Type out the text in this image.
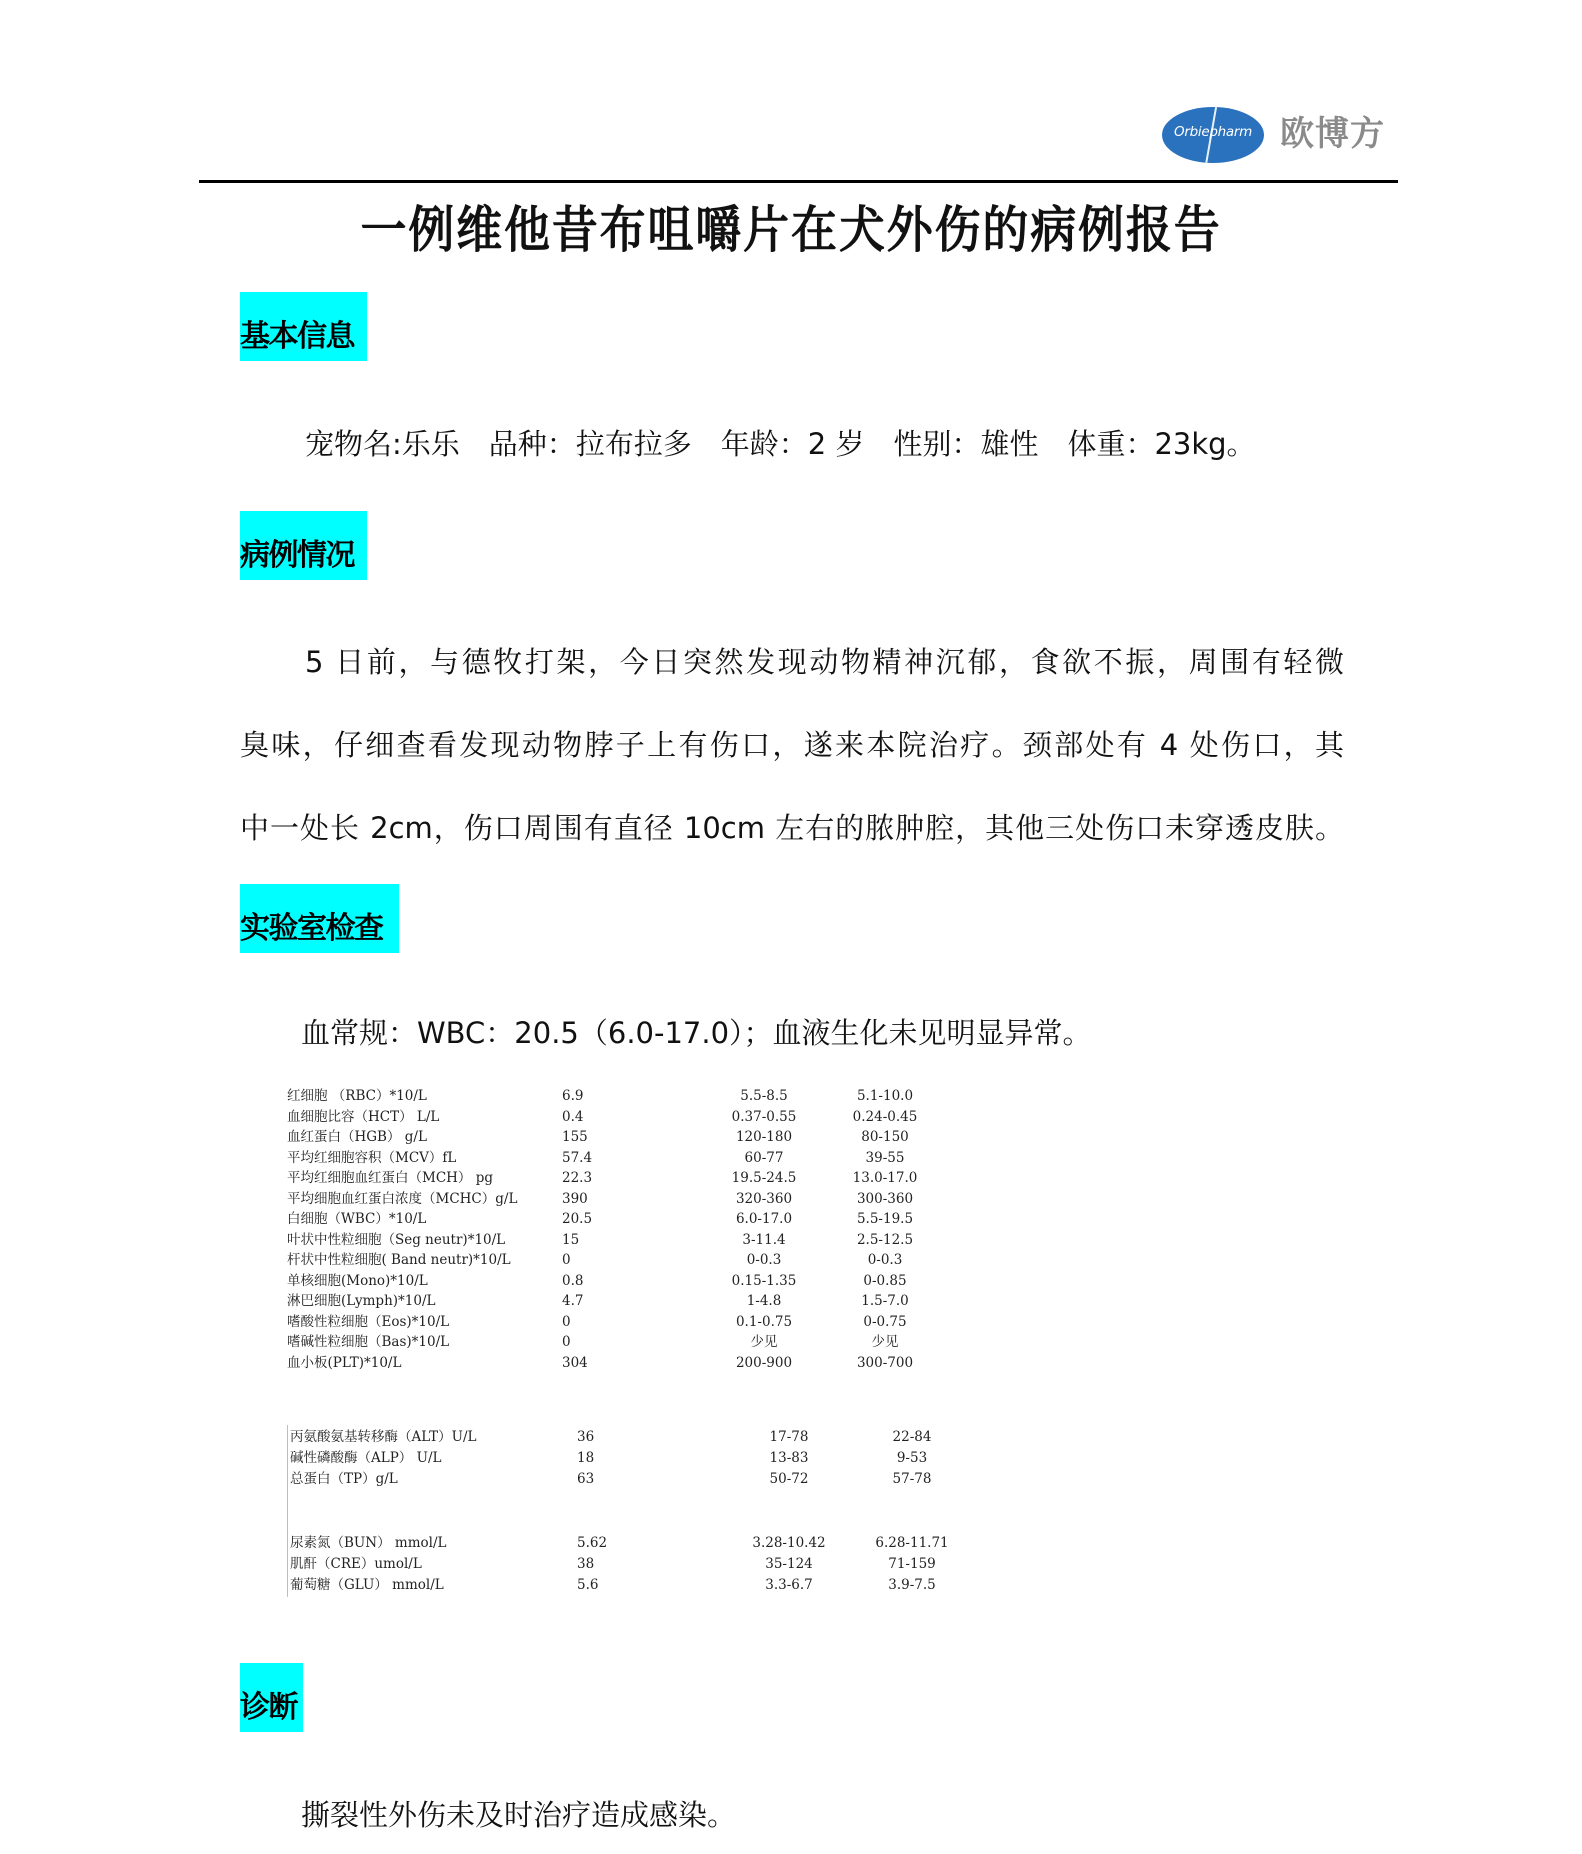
Orbiepharm 欧博方
一例维他昔布咀嚼片在犬外伤的病例报告
基本信息
宠物名:乐乐　品种：拉布拉多　年龄：2 岁　性别：雄性　体重：23kg。
病例情况
5 日前，与德牧打架，今日突然发现动物精神沉郁，食欲不振，周围有轻微
臭味，仔细查看发现动物脖子上有伤口，遂来本院治疗。颈部处有 4 处伤口，其
中一处长 2cm，伤口周围有直径 10cm 左右的脓肿腔，其他三处伤口未穿透皮肤。
实验室检查
血常规：WBC：20.5（6.0-17.0）；血液生化未见明显异常。
红细胞 （RBC）*10/L	6.9	5.5-8.5	5.1-10.0
血细胞比容（HCT） L/L	0.4	0.37-0.55	0.24-0.45
血红蛋白（HGB） g/L	155	120-180	80-150
平均红细胞容积（MCV）fL	57.4	60-77	39-55
平均红细胞血红蛋白（MCH） pg	22.3	19.5-24.5	13.0-17.0
平均细胞血红蛋白浓度（MCHC）g/L	390	320-360	300-360
白细胞（WBC）*10/L	20.5	6.0-17.0	5.5-19.5
叶状中性粒细胞（Seg neutr)*10/L	15	3-11.4	2.5-12.5
杆状中性粒细胞( Band neutr)*10/L	0	0-0.3	0-0.3
单核细胞(Mono)*10/L	0.8	0.15-1.35	0-0.85
淋巴细胞(Lymph)*10/L	4.7	1-4.8	1.5-7.0
嗜酸性粒细胞（Eos)*10/L	0	0.1-0.75	0-0.75
嗜碱性粒细胞（Bas)*10/L	0	少见	少见
血小板(PLT)*10/L	304	200-900	300-700
丙氨酸氨基转移酶（ALT）U/L	36	17-78	22-84
碱性磷酸酶（ALP） U/L	18	13-83	9-53
总蛋白（TP）g/L	63	50-72	57-78
尿素氮（BUN） mmol/L	5.62	3.28-10.42	6.28-11.71
肌酐（CRE）umol/L	38	35-124	71-159
葡萄糖（GLU） mmol/L	5.6	3.3-6.7	3.9-7.5
诊断
撕裂性外伤未及时治疗造成感染。
